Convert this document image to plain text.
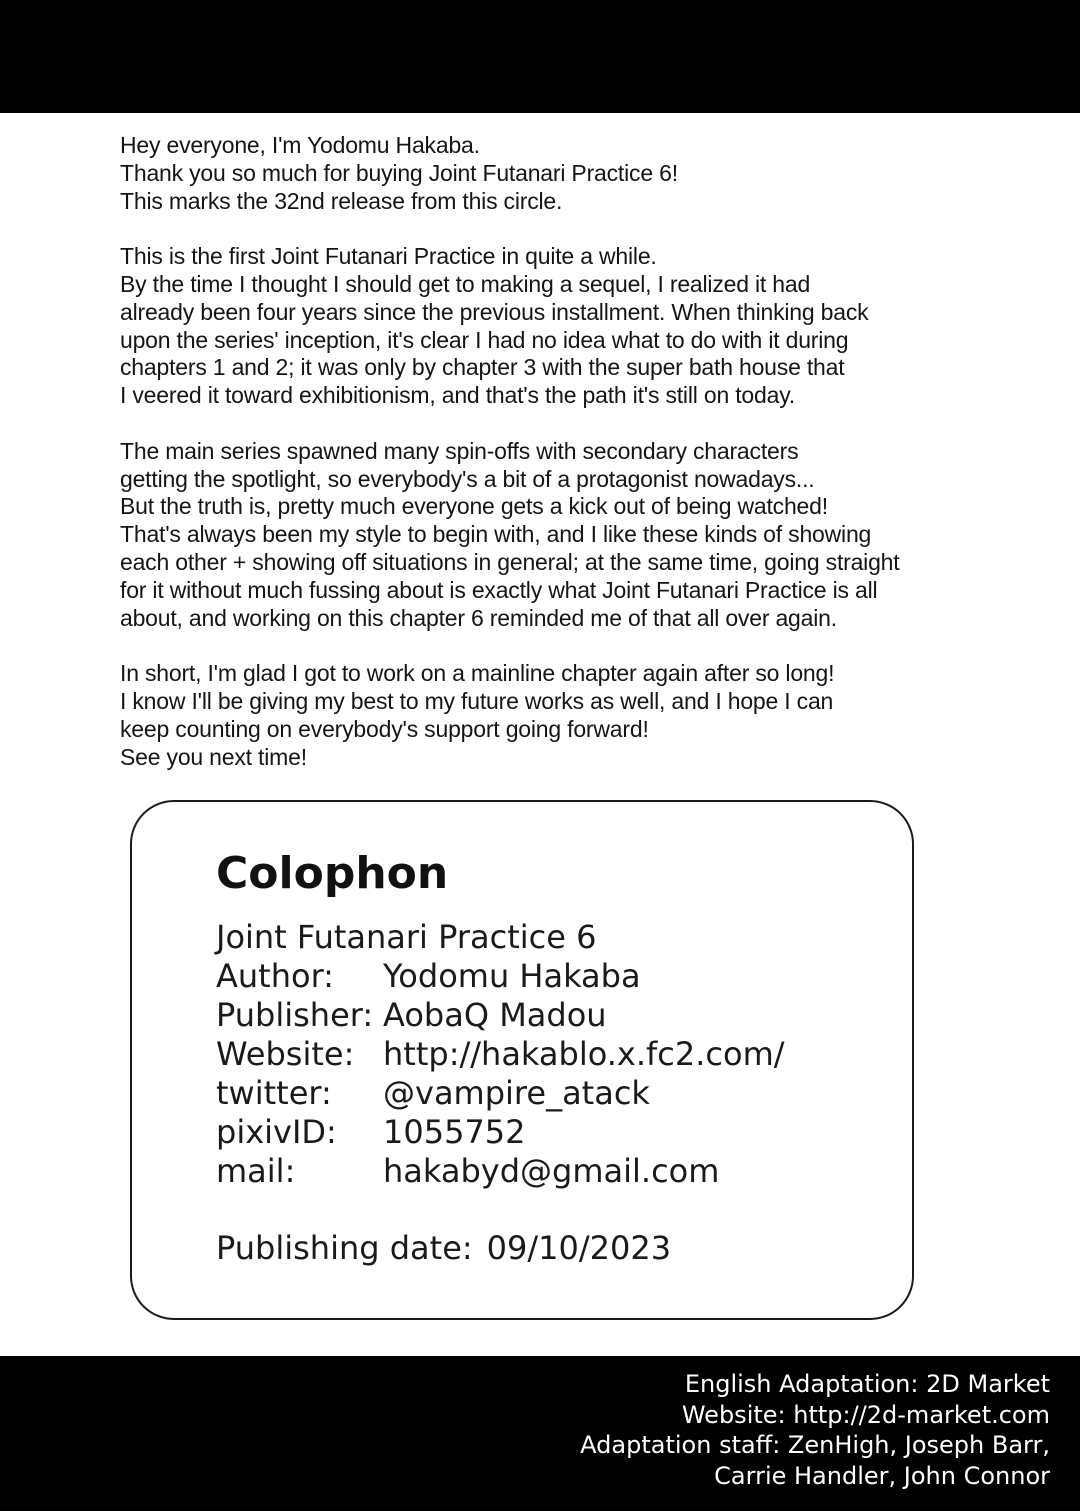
Hey everyone, I'm Yodomu Hakaba.
Thank you so much for buying Joint Futanari Practice 6!
This marks the 32nd release from this circle.

This is the first Joint Futanari Practice in quite a while.
By the time I thought I should get to making a sequel, I realized it had
already been four years since the previous installment. When thinking back
upon the series' inception, it's clear I had no idea what to do with it during
chapters 1 and 2; it was only by chapter 3 with the super bath house that
I veered it toward exhibitionism, and that's the path it's still on today.

The main series spawned many spin-offs with secondary characters
getting the spotlight, so everybody's a bit of a protagonist nowadays...
But the truth is, pretty much everyone gets a kick out of being watched!
That's always been my style to begin with, and I like these kinds of showing
each other + showing off situations in general; at the same time, going straight
for it without much fussing about is exactly what Joint Futanari Practice is all
about, and working on this chapter 6 reminded me of that all over again.

In short, I'm glad I got to work on a mainline chapter again after so long!
I know I'll be giving my best to my future works as well, and I hope I can
keep counting on everybody's support going forward!
See you next time!

Colophon
Joint Futanari Practice 6
Author: Yodomu Hakaba
Publisher: AobaQ Madou
Website: http://hakablo.x.fc2.com/
twitter: @vampire_atack
pixivID: 1055752
mail:	hakabyd@gmail.com
Publishing date: 09/10/2023
English Adaptation: 2D Market
Website: http://2d-market.com
Adaptation staff: ZenHigh, Joseph Barr,
Carrie Handler, John Connor
